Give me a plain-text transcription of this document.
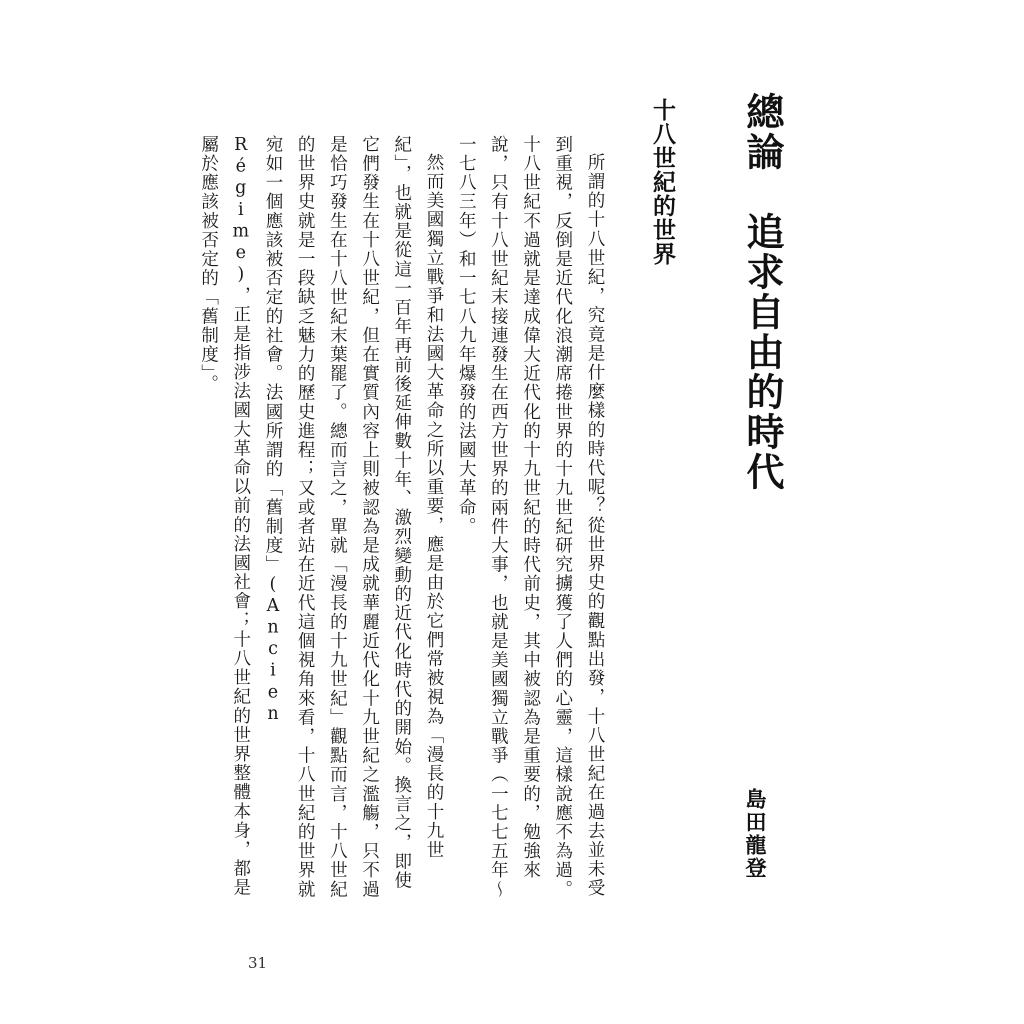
總論追求自由的時代
島田龍登
十八世紀的世界

所謂的十八世紀，究竟是什麼樣的時代呢？從世界史的觀點出發，十八世紀在過去並未受到重視，反倒是近代化浪潮席捲世界的十九世紀研究擄獲了人們的心靈，這樣說應不為過。十八世紀不過就是達成偉大近代化的十九世紀的時代前史，其中被認為是重要的，勉強來說，只有十八世紀末接連發生在西方世界的兩件大事，也就是美國獨立戰爭（一七七五年～一七八三年）和一七八九年爆發的法國大革命。

然而美國獨立戰爭和法國大革命之所以重要，應是由於它們常被視為「漫長的十九世紀」，也就是從這一百年再前後延伸數十年、激烈變動的近代化時代的開始。換言之，即使它們發生在十八世紀，但在實質內容上則被認為是成就華麗近代化十九世紀之濫觴，只不過是恰巧發生在十八世紀末葉罷了。總而言之，單就「漫長的十九世紀」觀點而言，十八世紀的世界史就是一段缺乏魅力的歷史進程；又或者站在近代這個視角來看，十八世紀的世界就宛如一個應該被否定的社會。法國所謂的「舊制度」(Ancien Régime)，正是指涉法國大革命以前的法國社會；十八世紀的世界整體本身，都是屬於應該被否定的「舊制度」。

31
